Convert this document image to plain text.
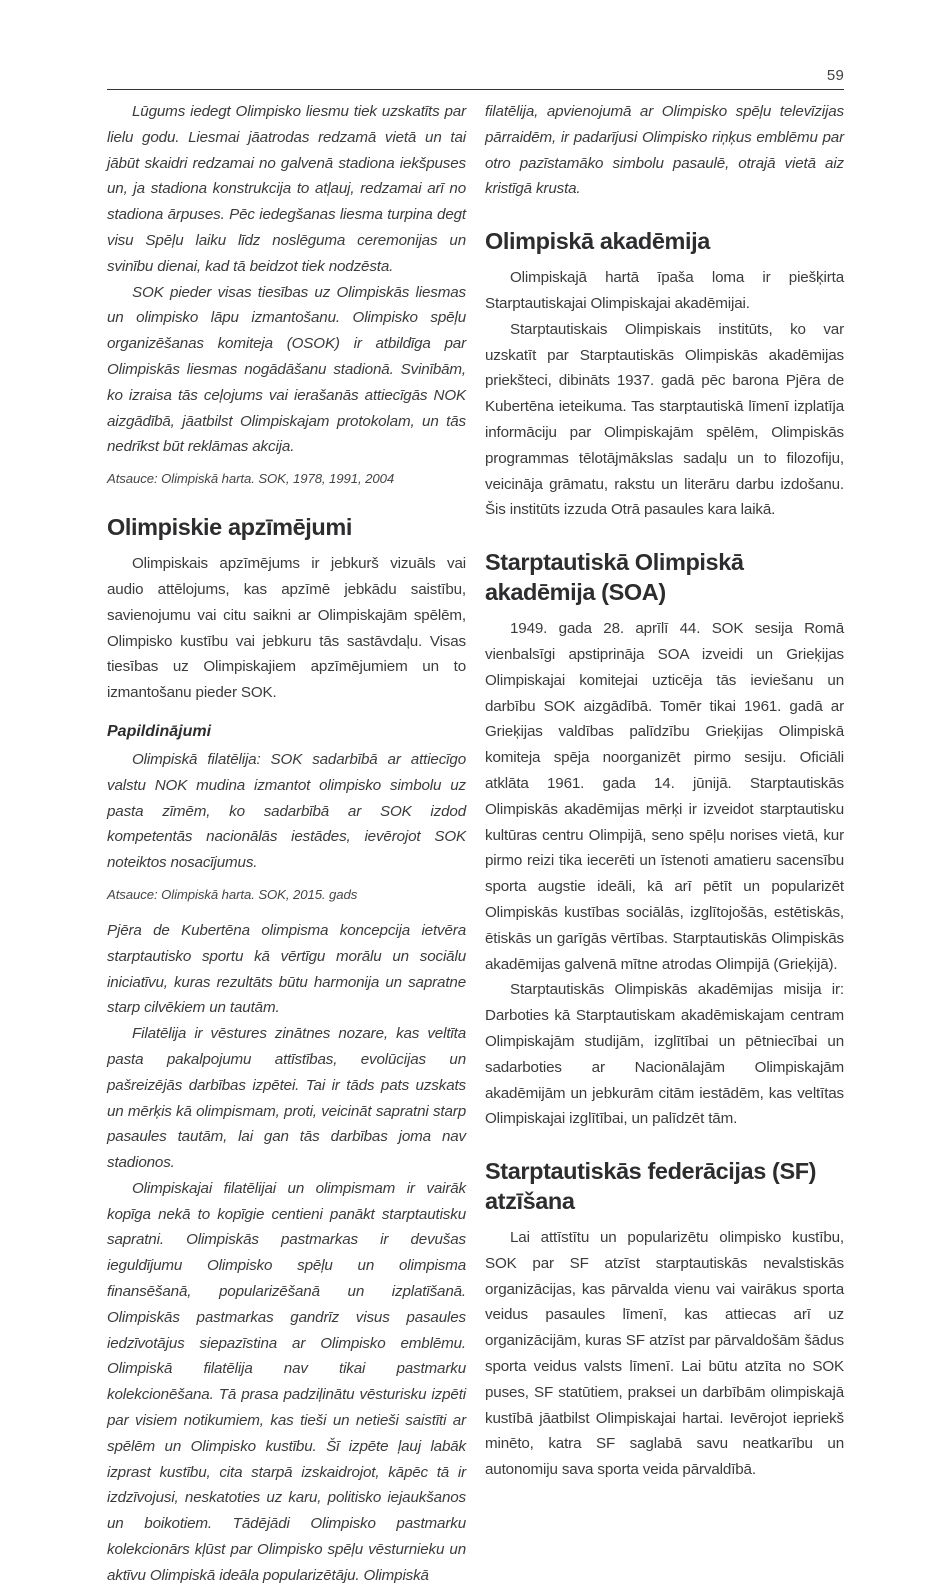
59

Lūgums iedegt Olimpisko liesmu tiek uzskatīts par lielu godu. Liesmai jāatrodas redzamā vietā un tai jābūt skaidri redzamai no galvenā stadiona iekšpuses un, ja stadiona konstrukcija to atļauj, redzamai arī no stadiona ārpuses. Pēc iedegšanas liesma turpina degt visu Spēļu laiku līdz noslēguma ceremonijas un svinību dienai, kad tā beidzot tiek nodzēsta.

SOK pieder visas tiesības uz Olimpiskās liesmas un olimpisko lāpu izmantošanu. Olimpisko spēļu organizēšanas komiteja (OSOK) ir atbildīga par Olimpiskās liesmas nogādāšanu stadionā. Svinībām, ko izraisa tās ceļojums vai ierašanās attiecīgās NOK aizgādībā, jāatbilst Olimpiskajam protokolam, un tās nedrīkst būt reklāmas akcija.

Atsauce: Olimpiskā harta. SOK, 1978, 1991, 2004

Olimpiskie apzīmējumi

Olimpiskais apzīmējums ir jebkurš vizuāls vai audio attēlojums, kas apzīmē jebkādu saistību, savienojumu vai citu saikni ar Olimpiskajām spēlēm, Olimpisko kustību vai jebkuru tās sastāvdaļu. Visas tiesības uz Olimpiskajiem apzīmējumiem un to izmantošanu pieder SOK.

Papildinājumi

Olimpiskā filatēlija: SOK sadarbībā ar attiecīgo valstu NOK mudina izmantot olimpisko simbolu uz pasta zīmēm, ko sadarbībā ar SOK izdod kompetentās nacionālās iestādes, ievērojot SOK noteiktos nosacījumus.

Atsauce: Olimpiskā harta. SOK, 2015. gads

Pjēra de Kubertēna olimpisma koncepcija ietvēra starptautisko sportu kā vērtīgu morālu un sociālu iniciatīvu, kuras rezultāts būtu harmonija un sapratne starp cilvēkiem un tautām.

Filatēlija ir vēstures zinātnes nozare, kas veltīta pasta pakalpojumu attīstības, evolūcijas un pašreizējās darbības izpētei. Tai ir tāds pats uzskats un mērķis kā olimpismam, proti, veicināt sapratni starp pasaules tautām, lai gan tās darbības joma nav stadionos.

Olimpiskajai filatēlijai un olimpismam ir vairāk kopīga nekā to kopīgie centieni panākt starptautisku sapratni. Olimpiskās pastmarkas ir devušas ieguldījumu Olimpisko spēļu un olimpisma finansēšanā, popularizēšanā un izplatīšanā. Olimpiskās pastmarkas gandrīz visus pasaules iedzīvotājus siepazīstina ar Olimpisko emblēmu. Olimpiskā filatēlija nav tikai pastmarku kolekcionēšana. Tā prasa padziļinātu vēsturisku izpēti par visiem notikumiem, kas tieši un netieši saistīti ar spēlēm un Olimpisko kustību. Šī izpēte ļauj labāk izprast kustību, cita starpā izskaidrojot, kāpēc tā ir izdzīvojusi, neskatoties uz karu, politisko iejaukšanos un boikotiem. Tādējādi Olimpisko pastmarku kolekcionārs kļūst par Olimpisko spēļu vēsturnieku un aktīvu Olimpiskā ideāla popularizētāju. Olimpiskā

filatēlija, apvienojumā ar Olimpisko spēļu televīzijas pārraidēm, ir padarījusi Olimpisko riņķus emblēmu par otro pazīstamāko simbolu pasaulē, otrajā vietā aiz kristīgā krusta.

Olimpiskā akadēmija

Olimpiskajā hartā īpaša loma ir piešķirta Starptautiskajai Olimpiskajai akadēmijai.

Starptautiskais Olimpiskais institūts, ko var uzskatīt par Starptautiskās Olimpiskās akadēmijas priekšteci, dibināts 1937. gadā pēc barona Pjēra de Kubertēna ieteikuma. Tas starptautiskā līmenī izplatīja informāciju par Olimpiskajām spēlēm, Olimpiskās programmas tēlotājmākslas sadaļu un to filozofiju, veicināja grāmatu, rakstu un literāru darbu izdošanu. Šis institūts izzuda Otrā pasaules kara laikā.

Starptautiskā Olimpiskā akadēmija (SOA)

1949. gada 28. aprīlī 44. SOK sesija Romā vienbalsīgi apstiprināja SOA izveidi un Grieķijas Olimpiskajai komitejai uzticēja tās ieviešanu un darbību SOK aizgādībā. Tomēr tikai 1961. gadā ar Grieķijas valdības palīdzību Grieķijas Olimpiskā komiteja spēja noorganizēt pirmo sesiju. Oficiāli atklāta 1961. gada 14. jūnijā. Starptautiskās Olimpiskās akadēmijas mērķi ir izveidot starptautisku kultūras centru Olimpijā, seno spēļu norises vietā, kur pirmo reizi tika iecerēti un īstenoti amatieru sacensību sporta augstie ideāli, kā arī pētīt un popularizēt Olimpiskās kustības sociālās, izglītojošās, estētiskās, ētiskās un garīgās vērtības. Starptautiskās Olimpiskās akadēmijas galvenā mītne atrodas Olimpijā (Grieķijā).

Starptautiskās Olimpiskās akadēmijas misija ir: Darboties kā Starptautiskam akadēmiskajam centram Olimpiskajām studijām, izglītībai un pētniecībai un sadarboties ar Nacionālajām Olimpiskajām akadēmijām un jebkurām citām iestādēm, kas veltītas Olimpiskajai izglītībai, un palīdzēt tām.

Starptautiskās federācijas (SF) atzīšana

Lai attīstītu un popularizētu olimpisko kustību, SOK par SF atzīst starptautiskās nevalstiskās organizācijas, kas pārvalda vienu vai vairākus sporta veidus pasaules līmenī, kas attiecas arī uz organizācijām, kuras SF atzīst par pārvaldošām šādus sporta veidus valsts līmenī. Lai būtu atzīta no SOK puses, SF statūtiem, praksei un darbībām olimpiskajā kustībā jāatbilst Olimpiskajai hartai. Ievērojot iepriekš minēto, katra SF saglabā savu neatkarību un autonomiju sava sporta veida pārvaldībā.
